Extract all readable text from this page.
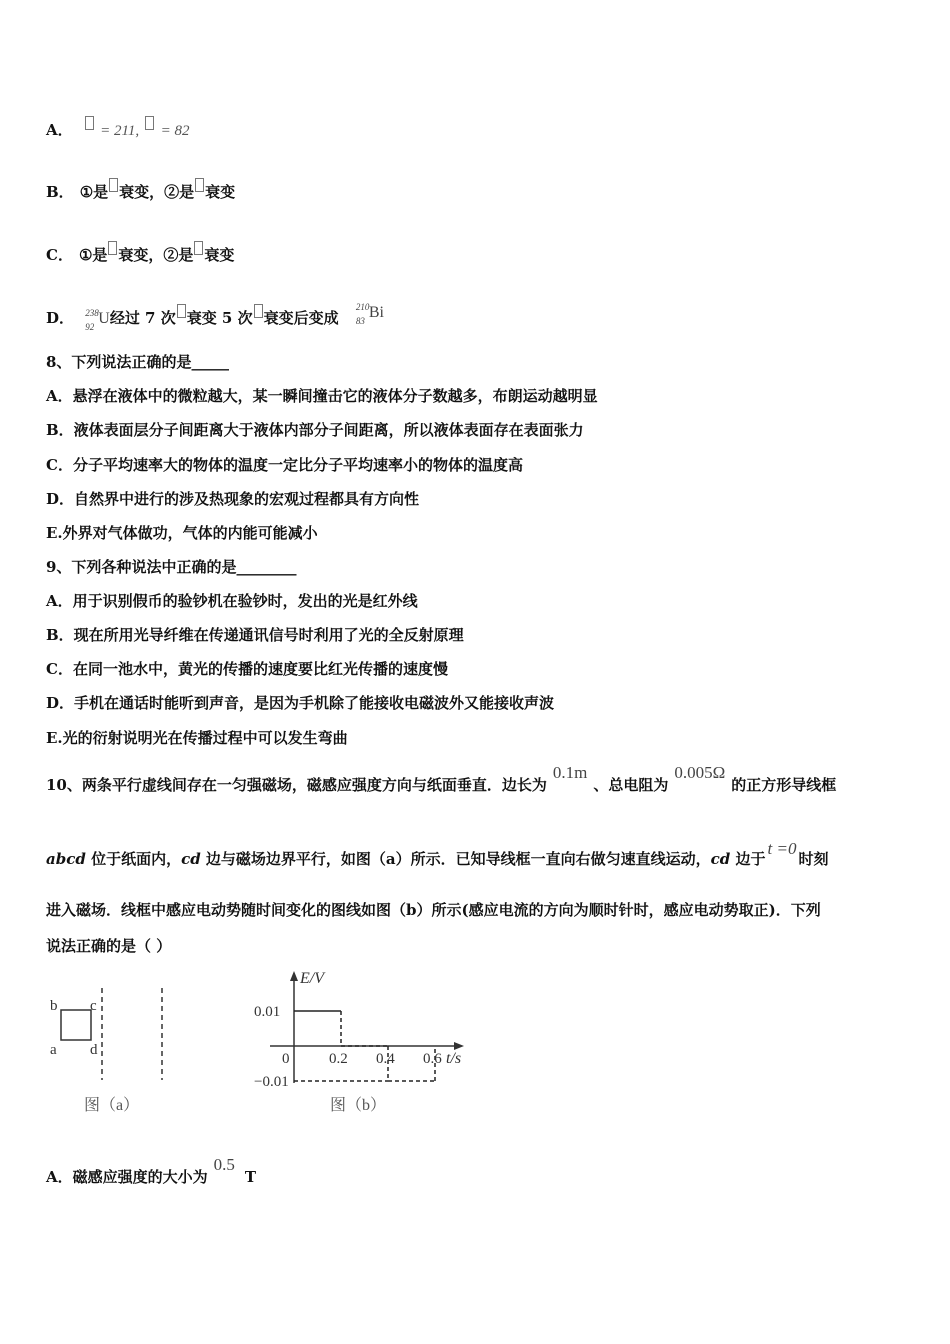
A． = 211, = 82
B． ①是 衰变，②是 衰变
C． ①是 衰变，②是 衰变
D． 238
92 U经过 7 次 衰变 5 次 衰变后变成
210
83 Bi
8、下列说法正确的是_____
A．悬浮在液体中的微粒越大，某一瞬间撞击它的液体分子数越多，布朗运动越明显
B．液体表面层分子间距离大于液体内部分子间距离，所以液体表面存在表面张力
C．分子平均速率大的物体的温度一定比分子平均速率小的物体的温度高
D．自然界中进行的涉及热现象的宏观过程都具有方向性
E.外界对气体做功，气体的内能可能减小
9、下列各种说法中正确的是________
A．用于识别假币的验钞机在验钞时，发出的光是红外线
B．现在所用光导纤维在传递通讯信号时利用了光的全反射原理
C．在同一池水中，黄光的传播的速度要比红光传播的速度慢
D．手机在通话时能听到声音，是因为手机除了能接收电磁波外又能接收声波
E.光的衍射说明光在传播过程中可以发生弯曲
10、两条平行虚线间存在一匀强磁场，磁感应强度方向与纸面垂直．边长为0.1m、总电阻为0.005Ω的正方形导线框
abcd 位于纸面内，cd 边与磁场边界平行，如图（a）所示．已知导线框一直向右做匀速直线运动，cd 边于t =0时刻
进入磁场．线框中感应电动势随时间变化的图线如图（b）所示(感应电流的方向为顺时针时，感应电动势取正)．下列
说法正确的是（ ）
b c
a d
图（a）
0.01
−0.01
0	0.2 0.4 0.6
E/V
t/s
图（b）
A．磁感应强度的大小为0.5T
